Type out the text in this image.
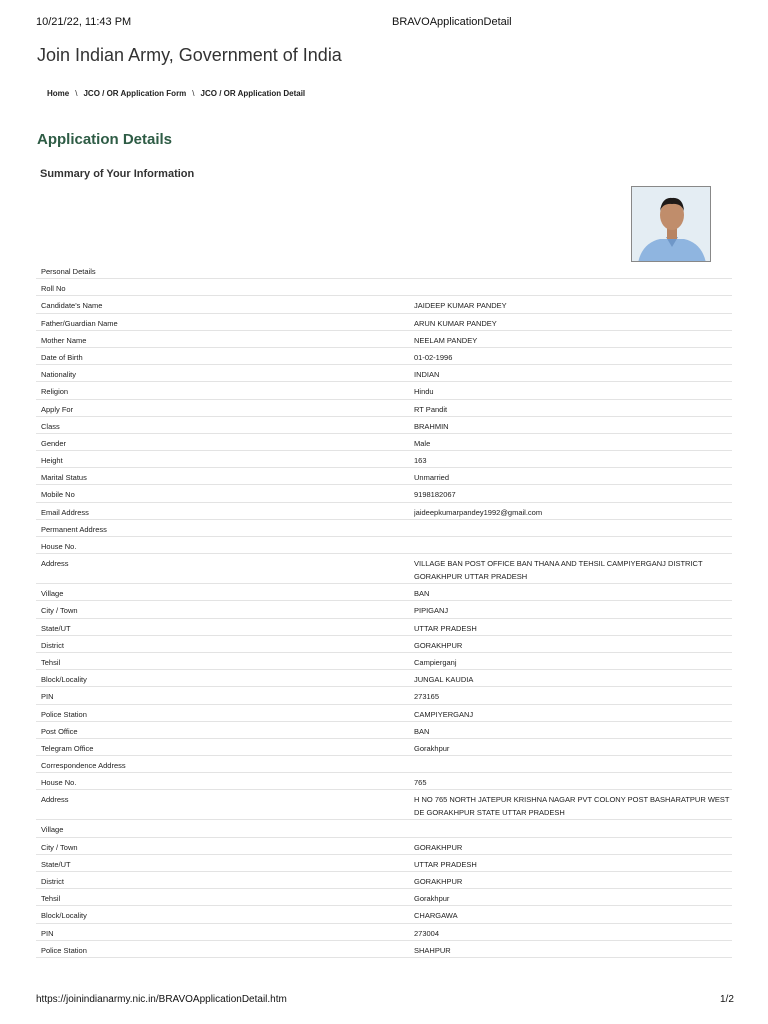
10/21/22, 11:43 PM	BRAVOApplicationDetail
Join Indian Army, Government of India
Home \ JCO / OR Application Form \ JCO / OR Application Detail
Application Details
Summary of Your Information
Personal Details
Roll No
Candidate's Name	JAIDEEP KUMAR PANDEY
Father/Guardian Name	ARUN KUMAR PANDEY
Mother Name	NEELAM PANDEY
Date of Birth	01-02-1996
Nationality	INDIAN
Religion	Hindu
Apply For	RT Pandit
Class	BRAHMIN
Gender	Male
Height	163
Marital Status	Unmarried
Mobile No	9198182067
Email Address	jaideepkumarpandey1992@gmail.com
Permanent Address
House No.
Address	VILLAGE BAN POST OFFICE BAN THANA AND TEHSIL CAMPIYERGANJ DISTRICT GORAKHPUR UTTAR PRADESH
Village	BAN
City / Town	PIPIGANJ
State/UT	UTTAR PRADESH
District	GORAKHPUR
Tehsil	Campierganj
Block/Locality	JUNGAL KAUDIA
PIN	273165
Police Station	CAMPIYERGANJ
Post Office	BAN
Telegram Office	Gorakhpur
Correspondence Address
House No.	765
Address	H NO 765 NORTH JATEPUR KRISHNA NAGAR PVT COLONY POST BASHARATPUR WEST DE GORAKHPUR STATE UTTAR PRADESH
Village
City / Town	GORAKHPUR
State/UT	UTTAR PRADESH
District	GORAKHPUR
Tehsil	Gorakhpur
Block/Locality	CHARGAWA
PIN	273004
Police Station	SHAHPUR
https://joinindianarmy.nic.in/BRAVOApplicationDetail.htm	1/2
